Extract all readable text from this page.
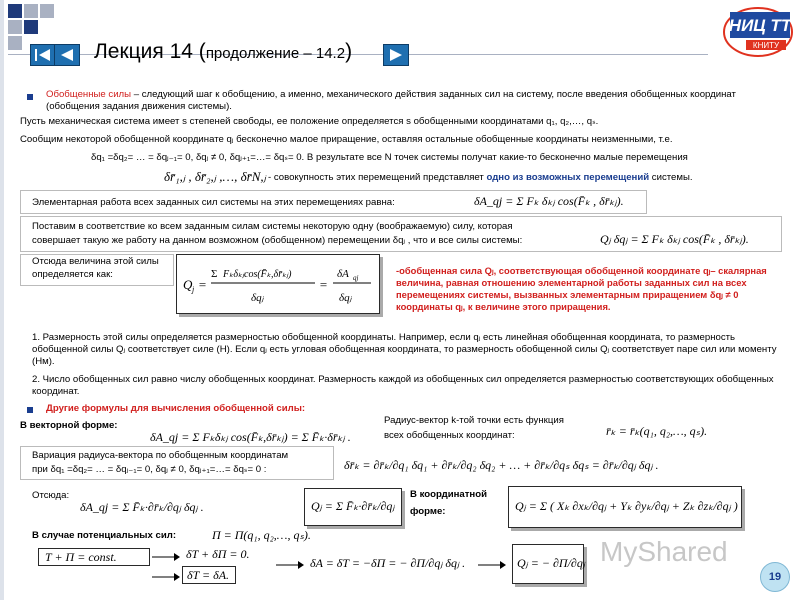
Лекция 14 (продолжение – 14.2)
НИЦ ТТ
КНИТУ
Обобщенные силы – следующий шаг к обобщению, а именно, механического действия заданных сил на систему, после введения обобщенных координат (обобщения задания движения системы).
Пусть механическая система имеет s степеней свободы, ее положение определяется s обобщенными координатами q₁, q₂,…, qₛ.
Сообщим некоторой обобщенной координате qⱼ бесконечно малое приращение, оставляя остальные обобщенные координаты неизменными, т.е.
δq₁ =δq₂= … = δqⱼ₋₁= 0, δqⱼ ≠ 0, δqⱼ₊₁=…= δqₛ= 0. В результате все N точек системы получат какие-то бесконечно малые перемещения
δr̄₁,ⱼ , δr̄₂,ⱼ ,…, δr̄N,ⱼ - совокупность этих перемещений представляет одно из возможных перемещений системы.
Элементарная работа всех заданных сил системы на этих перемещениях равна:	δA_qj = Σ Fₖ δₖⱼ cos(F̄ₖ , δr̄ₖⱼ).
Поставим в соответствие ко всем заданным силам системы некоторую одну (воображаемую) силу, которая
совершает такую же работу на данном возможном (обобщенном) перемещении δqⱼ , что и все силы системы:	Qⱼ δqⱼ = Σ Fₖ δₖⱼ cos(F̄ₖ , δr̄ₖⱼ).
Отсюда величина этой силы
определяется как:
Q j =
Σ Fₖδₖⱼcos(F̄ₖ,δr̄ₖⱼ)
δqⱼ
=
δA qj
δqⱼ
-обобщенная сила Qⱼ, соответствующая обобщенной координате qⱼ– скалярная величина, равная отношению элементарной работы заданных сил на всех перемещениях системы, вызванных элементарным приращением δqⱼ ≠ 0 координаты qⱼ, к величине этого приращения.
1. Размерность этой силы определяется размерностью обобщенной координаты. Например, если qⱼ есть линейная обобщенная координата, то размерность обобщенной силы Qⱼ соответствует силе (Н). Если qⱼ есть угловая обобщенная координата, то размерность обобщенной силы Qⱼ соответствует паре сил или моменту (Нм).
2. Число обобщенных сил равно числу обобщенных координат. Размерность каждой из обобщенных сил определяется размерностью соответствующих обобщенных координат.
Другие формулы для вычисления обобщенной силы:
В векторной форме:
δA_qj = Σ Fₖδₖⱼ cos(F̄ₖ,δr̄ₖⱼ) = Σ F̄ₖ·δr̄ₖⱼ .
Радиус-вектор k-той точки есть функция
всех обобщенных координат:	r̄ₖ = r̄ₖ(q₁, q₂,…, qₛ).
Вариация радиуса-вектора по обобщенным координатам
при δq₁ =δq₂= … = δqⱼ₋₁= 0, δqⱼ ≠ 0, δqⱼ₊₁=…= δqₛ= 0 :	δr̄ₖ = ∂r̄ₖ/∂q₁ δq₁ + ∂r̄ₖ/∂q₂ δq₂ + … + ∂r̄ₖ/∂qₛ δqₛ = ∂r̄ₖ/∂qⱼ δqⱼ .
Отсюда:
δA_qj = Σ F̄ₖ·∂r̄ₖ/∂qⱼ δqⱼ .	Qⱼ = Σ F̄ₖ·∂r̄ₖ/∂qⱼ
В координатной
форме:	Qⱼ = Σ ( Xₖ ∂xₖ/∂qⱼ + Yₖ ∂yₖ/∂qⱼ + Zₖ ∂zₖ/∂qⱼ )
В случае потенциальных сил:	Π = Π(q₁, q₂,…, qₛ).
T + Π = const.	δT + δΠ = 0.
δT = δA.
δA = δT = −δΠ = − ∂Π/∂qⱼ δqⱼ .	Qⱼ = − ∂Π/∂qⱼ MyShared
19
